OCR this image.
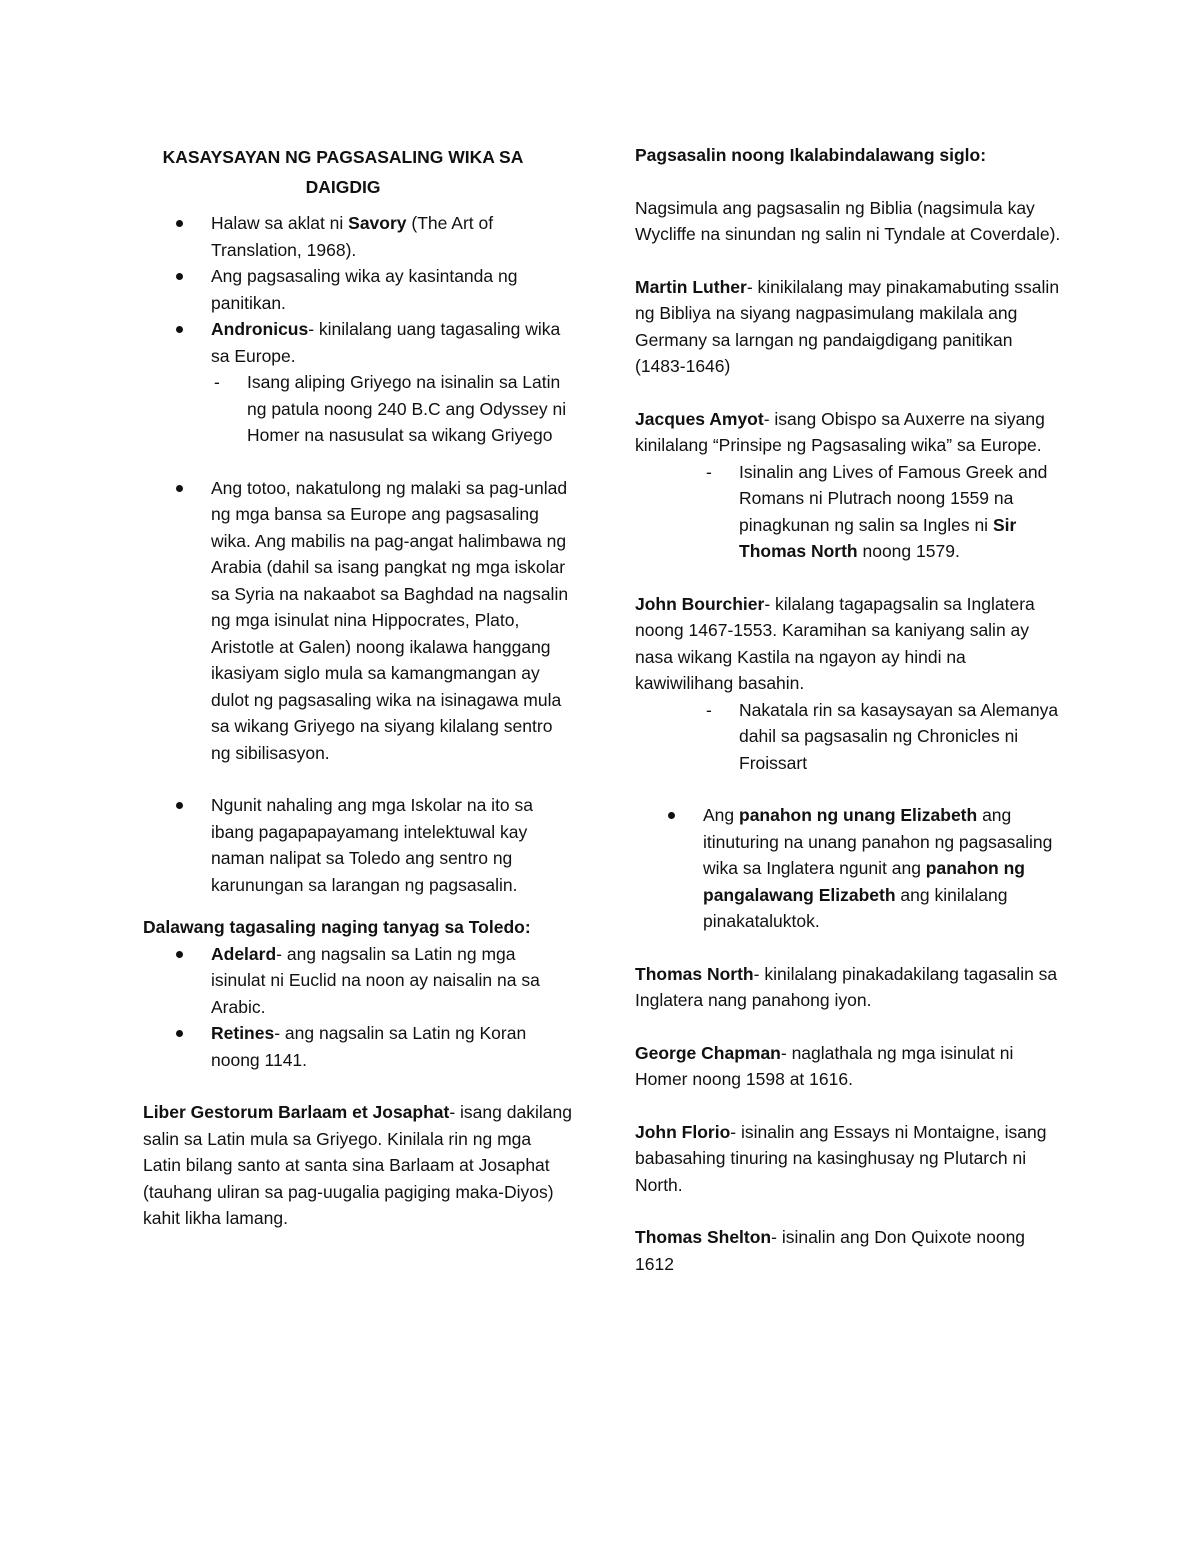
KASAYSAYAN NG PAGSASALING WIKA SA
DAIGDIG

Halaw sa aklat ni Savory (The Art of Translation, 1968).
Ang pagsasaling wika ay kasintanda ng panitikan.
Andronicus- kinilalang uang tagasaling wika sa Europe.
- Isang aliping Griyego na isinalin sa Latin ng patula noong 240 B.C ang Odyssey ni Homer na nasusulat sa wikang Griyego
Ang totoo, nakatulong ng malaki sa pag-unlad ng mga bansa sa Europe ang pagsasaling wika. Ang mabilis na pag-angat halimbawa ng Arabia (dahil sa isang pangkat ng mga iskolar sa Syria na nakaabot sa Baghdad na nagsalin ng mga isinulat nina Hippocrates, Plato, Aristotle at Galen) noong ikalawa hanggang ikasiyam siglo mula sa kamangmangan ay dulot ng pagsasaling wika na isinagawa mula sa wikang Griyego na siyang kilalang sentro ng sibilisasyon.
Ngunit nahaling ang mga Iskolar na ito sa ibang pagapapayamang intelektuwal kay naman nalipat sa Toledo ang sentro ng karunungan sa larangan ng pagsasalin.

Dalawang tagasaling naging tanyag sa Toledo:

Adelard- ang nagsalin sa Latin ng mga isinulat ni Euclid na noon ay naisalin na sa Arabic.
Retines- ang nagsalin sa Latin ng Koran noong 1141.

Liber Gestorum Barlaam et Josaphat- isang dakilang salin sa Latin mula sa Griyego. Kinilala rin ng mga Latin bilang santo at santa sina Barlaam at Josaphat (tauhang uliran sa pag-uugalia pagiging maka-Diyos) kahit likha lamang.

Pagsasalin noong Ikalabindalawang siglo:

Nagsimula ang pagsasalin ng Biblia (nagsimula kay Wycliffe na sinundan ng salin ni Tyndale at Coverdale).

Martin Luther- kinikilalang may pinakamabuting ssalin ng Bibliya na siyang nagpasimulang makilala ang Germany sa larngan ng pandaigdigang panitikan (1483-1646)

Jacques Amyot- isang Obispo sa Auxerre na siyang kinilalang “Prinsipe ng Pagsasaling wika” sa Europe.

- Isinalin ang Lives of Famous Greek and Romans ni Plutrach noong 1559 na pinagkunan ng salin sa Ingles ni Sir Thomas North noong 1579.

John Bourchier- kilalang tagapagsalin sa Inglatera noong 1467-1553. Karamihan sa kaniyang salin ay nasa wikang Kastila na ngayon ay hindi na kawiwilihang basahin.

- Nakatala rin sa kasaysayan sa Alemanya dahil sa pagsasalin ng Chronicles ni Froissart
Ang panahon ng unang Elizabeth ang itinuturing na unang panahon ng pagsasaling wika sa Inglatera ngunit ang panahon ng pangalawang Elizabeth ang kinilalang pinakataluktok.

Thomas North- kinilalang pinakadakilang tagasalin sa Inglatera nang panahong iyon.

George Chapman- naglathala ng mga isinulat ni Homer noong 1598 at 1616.

John Florio- isinalin ang Essays ni Montaigne, isang babasahing tinuring na kasinghusay ng Plutarch ni North.

Thomas Shelton- isinalin ang Don Quixote noong 1612
